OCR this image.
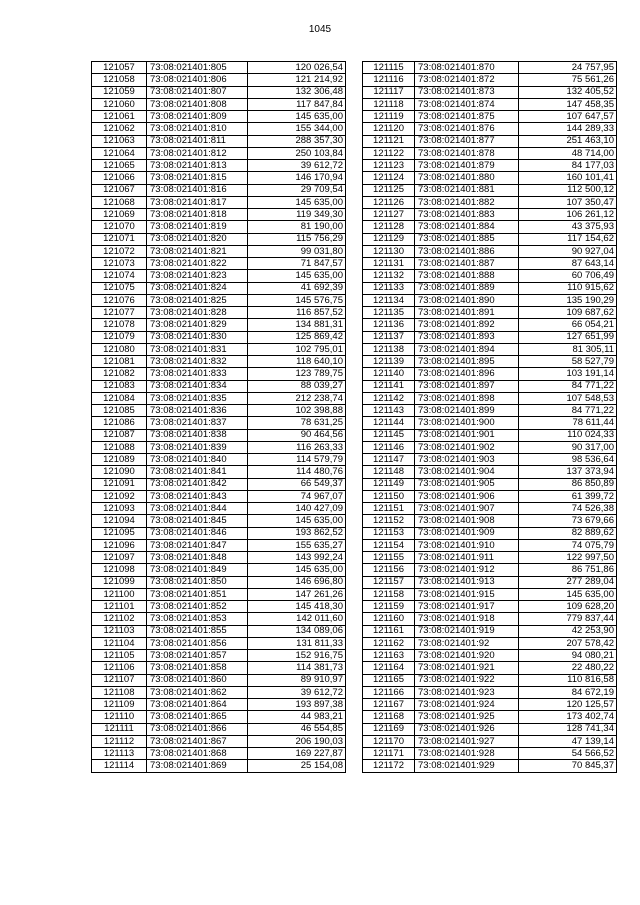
1045
121057	73:08:021401:805	120 026,54
121058	73:08:021401:806	121 214,92
121059	73:08:021401:807	132 306,48
121060	73:08:021401:808	117 847,84
121061	73:08:021401:809	145 635,00
121062	73:08:021401:810	155 344,00
121063	73:08:021401:811	288 357,30
121064	73:08:021401:812	250 103,84
121065	73:08:021401:813	39 612,72
121066	73:08:021401:815	146 170,94
121067	73:08:021401:816	29 709,54
121068	73:08:021401:817	145 635,00
121069	73:08:021401:818	119 349,30
121070	73:08:021401:819	81 190,00
121071	73:08:021401:820	115 756,29
121072	73:08:021401:821	99 031,80
121073	73:08:021401:822	71 847,57
121074	73:08:021401:823	145 635,00
121075	73:08:021401:824	41 692,39
121076	73:08:021401:825	145 576,75
121077	73:08:021401:828	116 857,52
121078	73:08:021401:829	134 881,31
121079	73:08:021401:830	125 869,42
121080	73:08:021401:831	102 795,01
121081	73:08:021401:832	118 640,10
121082	73:08:021401:833	123 789,75
121083	73:08:021401:834	88 039,27
121084	73:08:021401:835	212 238,74
121085	73:08:021401:836	102 398,88
121086	73:08:021401:837	78 631,25
121087	73:08:021401:838	90 464,56
121088	73:08:021401:839	116 263,33
121089	73:08:021401:840	114 579,79
121090	73:08:021401:841	114 480,76
121091	73:08:021401:842	66 549,37
121092	73:08:021401:843	74 967,07
121093	73:08:021401:844	140 427,09
121094	73:08:021401:845	145 635,00
121095	73:08:021401:846	193 862,52
121096	73:08:021401:847	155 635,27
121097	73:08:021401:848	143 992,24
121098	73:08:021401:849	145 635,00
121099	73:08:021401:850	146 696,80
121100	73:08:021401:851	147 261,26
121101	73:08:021401:852	145 418,30
121102	73:08:021401:853	142 011,60
121103	73:08:021401:855	134 089,06
121104	73:08:021401:856	131 811,33
121105	73:08:021401:857	152 916,75
121106	73:08:021401:858	114 381,73
121107	73:08:021401:860	89 910,97
121108	73:08:021401:862	39 612,72
121109	73:08:021401:864	193 897,38
121110	73:08:021401:865	44 983,21
121111	73:08:021401:866	46 554,85
121112	73:08:021401:867	206 190,03
121113	73:08:021401:868	169 227,87
121114	73:08:021401:869	25 154,08
121115	73:08:021401:870	24 757,95
121116	73:08:021401:872	75 561,26
121117	73:08:021401:873	132 405,52
121118	73:08:021401:874	147 458,35
121119	73:08:021401:875	107 647,57
121120	73:08:021401:876	144 289,33
121121	73:08:021401:877	251 463,10
121122	73:08:021401:878	48 714,00
121123	73:08:021401:879	84 177,03
121124	73:08:021401:880	160 101,41
121125	73:08:021401:881	112 500,12
121126	73:08:021401:882	107 350,47
121127	73:08:021401:883	106 261,12
121128	73:08:021401:884	43 375,93
121129	73:08:021401:885	117 154,62
121130	73:08:021401:886	90 927,04
121131	73:08:021401:887	87 643,14
121132	73:08:021401:888	60 706,49
121133	73:08:021401:889	110 915,62
121134	73:08:021401:890	135 190,29
121135	73:08:021401:891	109 687,62
121136	73:08:021401:892	66 054,21
121137	73:08:021401:893	127 651,99
121138	73:08:021401:894	81 305,11
121139	73:08:021401:895	58 527,79
121140	73:08:021401:896	103 191,14
121141	73:08:021401:897	84 771,22
121142	73:08:021401:898	107 548,53
121143	73:08:021401:899	84 771,22
121144	73:08:021401:900	78 611,44
121145	73:08:021401:901	110 024,33
121146	73:08:021401:902	90 317,00
121147	73:08:021401:903	98 536,64
121148	73:08:021401:904	137 373,94
121149	73:08:021401:905	86 850,89
121150	73:08:021401:906	61 399,72
121151	73:08:021401:907	74 526,38
121152	73:08:021401:908	73 679,66
121153	73:08:021401:909	82 889,62
121154	73:08:021401:910	74 075,79
121155	73:08:021401:911	122 997,50
121156	73:08:021401:912	86 751,86
121157	73:08:021401:913	277 289,04
121158	73:08:021401:915	145 635,00
121159	73:08:021401:917	109 628,20
121160	73:08:021401:918	779 837,44
121161	73:08:021401:919	42 253,90
121162	73:08:021401:92	207 578,42
121163	73:08:021401:920	94 080,21
121164	73:08:021401:921	22 480,22
121165	73:08:021401:922	110 816,58
121166	73:08:021401:923	84 672,19
121167	73:08:021401:924	120 125,57
121168	73:08:021401:925	173 402,74
121169	73:08:021401:926	128 741,34
121170	73:08:021401:927	47 139,14
121171	73:08:021401:928	54 566,52
121172	73:08:021401:929	70 845,37
